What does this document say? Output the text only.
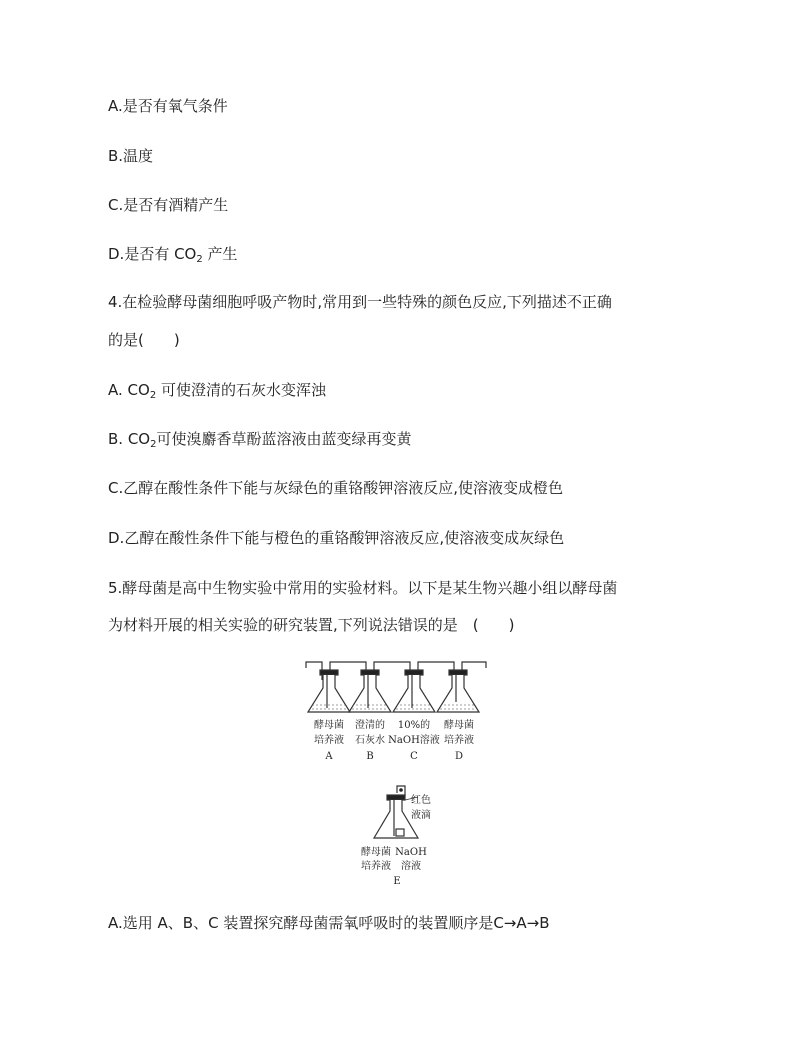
A.是否有氧气条件
B.温度
C.是否有酒精产生
D.是否有 $CO_2$ 产生
4.在检验酵母菌细胞呼吸产物时,常用到一些特殊的颜色反应,下列描述不正确
的是(　　)
A. $CO_2$ 可使澄清的石灰水变浑浊
B. $CO_2$可使溴麝香草酚蓝溶液由蓝变绿再变黄
C.乙醇在酸性条件下能与灰绿色的重铬酸钾溶液反应,使溶液变成橙色
D.乙醇在酸性条件下能与橙色的重铬酸钾溶液反应,使溶液变成灰绿色
5.酵母菌是高中生物实验中常用的实验材料。以下是某生物兴趣小组以酵母菌
为材料开展的相关实验的研究装置,下列说法错误的是　(　　)
酵母菌
培养液
A
澄清的
石灰水
B
10%的
NaOH溶液
C
酵母菌
培养液
D
红色
液滴
酵母菌
培养液
NaOH
溶液
E
A.选用 A、B、C 装置探究酵母菌需氧呼吸时的装置顺序是C→A→B
